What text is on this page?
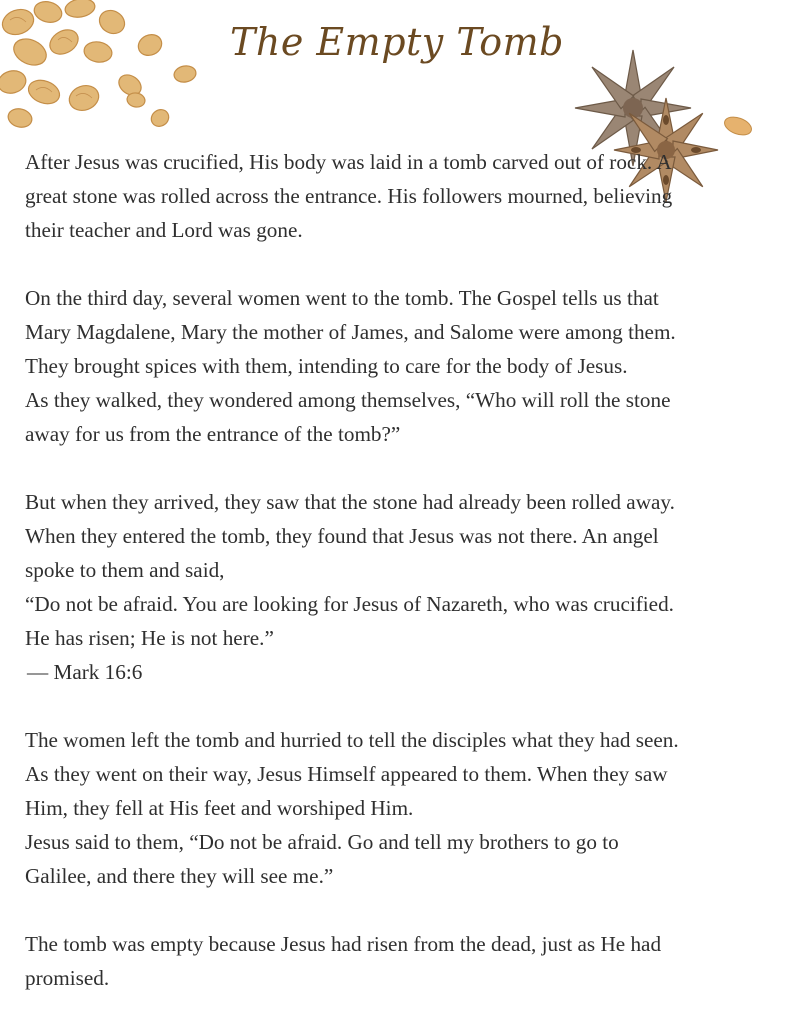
The Empty Tomb

After Jesus was crucified, His body was laid in a tomb carved out of rock. A
great stone was rolled across the entrance. His followers mourned, believing
their teacher and Lord was gone.

On the third day, several women went to the tomb. The Gospel tells us that
Mary Magdalene, Mary the mother of James, and Salome were among them.
They brought spices with them, intending to care for the body of Jesus.
As they walked, they wondered among themselves, “Who will roll the stone
away for us from the entrance of the tomb?”

But when they arrived, they saw that the stone had already been rolled away.
When they entered the tomb, they found that Jesus was not there. An angel
spoke to them and said,
“Do not be afraid. You are looking for Jesus of Nazareth, who was crucified.
He has risen; He is not here.”
— Mark 16:6

The women left the tomb and hurried to tell the disciples what they had seen.
As they went on their way, Jesus Himself appeared to them. When they saw
Him, they fell at His feet and worshiped Him.
Jesus said to them, “Do not be afraid. Go and tell my brothers to go to
Galilee, and there they will see me.”

The tomb was empty because Jesus had risen from the dead, just as He had
promised.
